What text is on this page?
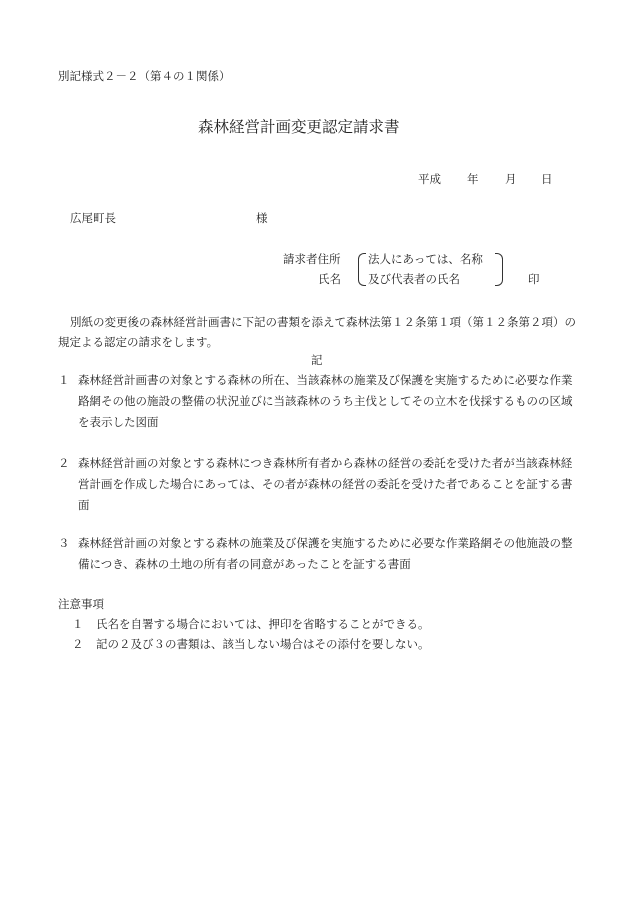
別記様式２－２（第４の１関係）
森林経営計画変更認定請求書
平成 年 月 日
広尾町長	様
請求者住所
氏名
法人にあっては、名称
及び代表者の氏名	印
別紙の変更後の森林経営計画書に下記の書類を添えて森林法第１２条第１項（第１２条第２項）の規定よる認定の請求をします。
記
１ 森林経営計画書の対象とする森林の所在、当該森林の施業及び保護を実施するために必要な作業路網その他の施設の整備の状況並びに当該森林のうち主伐としてその立木を伐採するものの区域を表示した図面
２ 森林経営計画の対象とする森林につき森林所有者から森林の経営の委託を受けた者が当該森林経営計画を作成した場合にあっては、その者が森林の経営の委託を受けた者であることを証する書面
３ 森林経営計画の対象とする森林の施業及び保護を実施するために必要な作業路網その他施設の整備につき、森林の土地の所有者の同意があったことを証する書面
注意事項
１ 氏名を自署する場合においては、押印を省略することができる。
２ 記の２及び３の書類は、該当しない場合はその添付を要しない。
